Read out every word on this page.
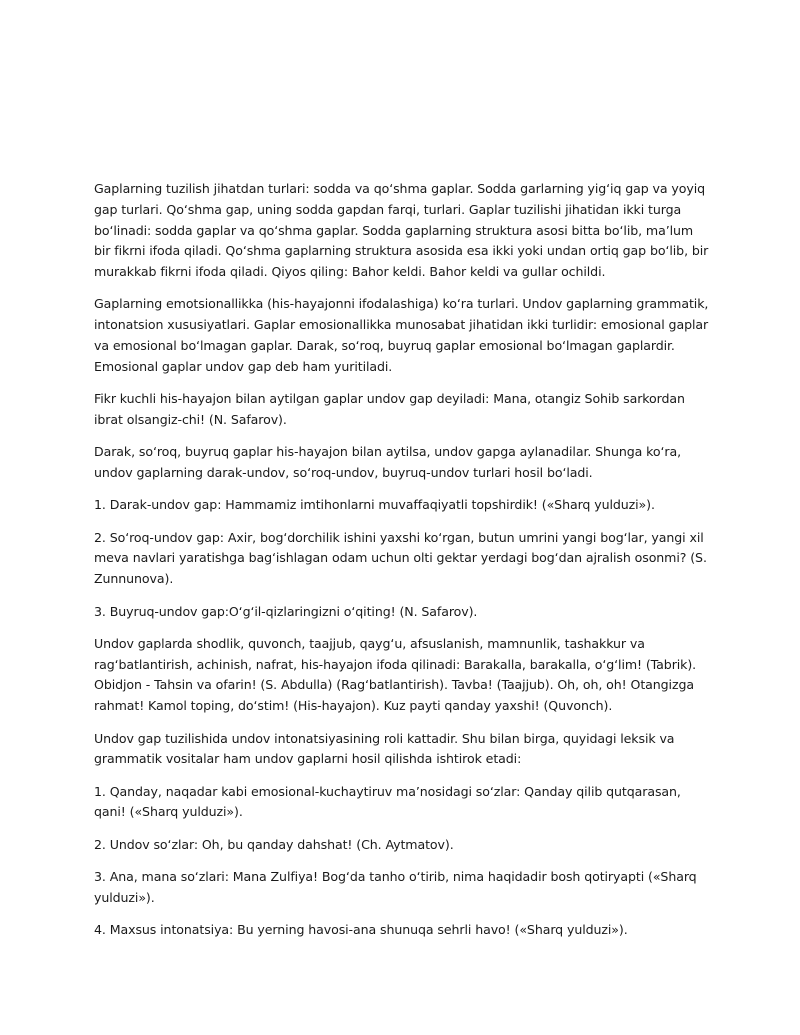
Gaplarning tuzilish jihatdan turlari: sodda va qo‘shma gaplar. Sodda garlarning yig‘iq gap va yoyiq gap turlari. Qo‘shma gap, uning sodda gapdan farqi, turlari. Gaplar tuzilishi jihatidan ikki turga bo‘linadi: sodda gaplar va qo‘shma gaplar. Sodda gaplarning struktura asosi bitta bo‘lib, ma’lum bir fikrni ifoda qiladi. Qo‘shma gaplarning struktura asosida esa ikki yoki undan ortiq gap bo‘lib, bir murakkab fikrni ifoda qiladi. Qiyos qiling: Bahor keldi. Bahor keldi va gullar ochildi.

Gaplarning emotsionallikka (his-hayajonni ifodalashiga) ko‘ra turlari. Undov gaplarning grammatik, intonatsion xususiyatlari. Gaplar emosionallikka munosabat jihatidan ikki turlidir: emosional gaplar va emosional bo‘lmagan gaplar. Darak, so‘roq, buyruq gaplar emosional bo‘lmagan gaplardir. Emosional gaplar undov gap deb ham yuritiladi.

Fikr kuchli his-hayajon bilan aytilgan gaplar undov gap deyiladi: Mana, otangiz Sohib sarkordan ibrat olsangiz-chi! (N. Safarov).

Darak, so‘roq, buyruq gaplar his-hayajon bilan aytilsa, undov gapga aylanadilar. Shunga ko‘ra, undov gaplarning darak-undov, so‘roq-undov, buyruq-undov turlari hosil bo‘ladi.

1. Darak-undov gap: Hammamiz imtihonlarni muvaffaqiyatli topshirdik! («Sharq yulduzi»).

2. So‘roq-undov gap: Axir, bog‘dorchilik ishini yaxshi ko‘rgan, butun umrini yangi bog‘lar, yangi xil meva navlari yaratishga bag‘ishlagan odam uchun olti gektar yerdagi bog‘dan ajralish osonmi? (S. Zunnunova).

3. Buyruq-undov gap:O‘g‘il-qizlaringizni o‘qiting! (N. Safarov).

Undov gaplarda shodlik, quvonch, taajjub, qayg‘u, afsuslanish, mamnunlik, tashakkur va rag‘batlantirish, achinish, nafrat, his-hayajon ifoda qilinadi: Barakalla, barakalla, o‘g‘lim! (Tabrik). Obidjon - Tahsin va ofarin! (S. Abdulla) (Rag‘batlantirish). Tavba! (Taajjub). Oh, oh, oh! Otangizga rahmat! Kamol toping, do‘stim! (His-hayajon). Kuz payti qanday yaxshi! (Quvonch).

Undov gap tuzilishida undov intonatsiyasining roli kattadir. Shu bilan birga, quyidagi leksik va grammatik vositalar ham undov gaplarni hosil qilishda ishtirok etadi:

1. Qanday, naqadar kabi emosional-kuchaytiruv ma’nosidagi so‘zlar: Qanday qilib qutqarasan, qani! («Sharq yulduzi»).

2. Undov so‘zlar: Oh, bu qanday dahshat! (Ch. Aytmatov).

3. Ana, mana so‘zlari: Mana Zulfiya! Bog‘da tanho o‘tirib, nima haqidadir bosh qotiryapti («Sharq yulduzi»).

4. Maxsus intonatsiya: Bu yerning havosi-ana shunuqa sehrli havo! («Sharq yulduzi»).
